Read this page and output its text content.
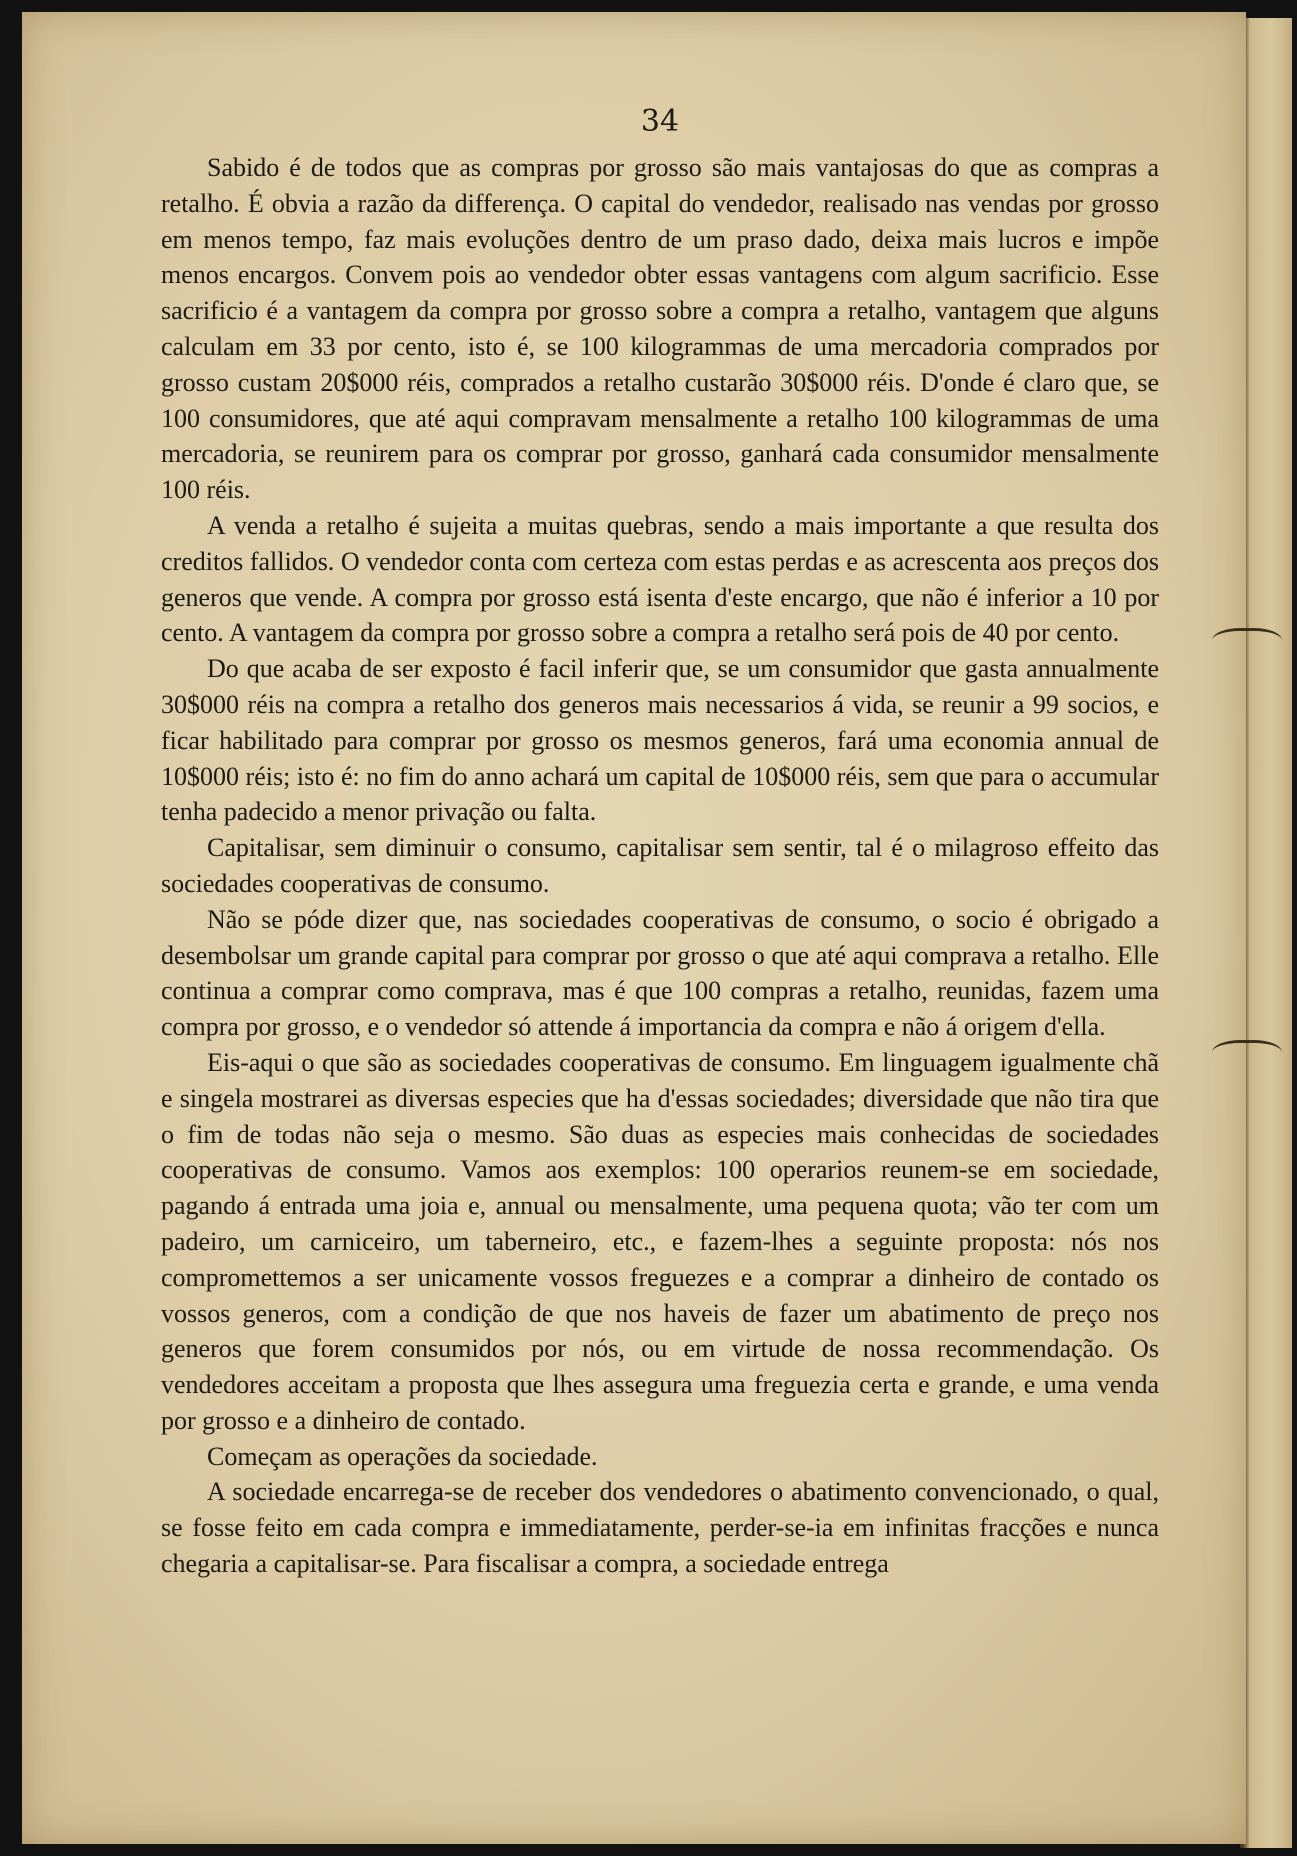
34

Sabido é de todos que as compras por grosso são mais vantajosas do que as compras a retalho. É obvia a razão da differença. O capital do vendedor, realisado nas vendas por grosso em menos tempo, faz mais evoluções dentro de um praso dado, deixa mais lucros e impõe menos encargos. Convem pois ao vendedor obter essas vantagens com algum sacrificio. Esse sacrificio é a vantagem da compra por grosso sobre a compra a retalho, vantagem que alguns calculam em 33 por cento, isto é, se 100 kilogrammas de uma mercadoria comprados por grosso custam 20$000 réis, comprados a retalho custarão 30$000 réis. D'onde é claro que, se 100 consumidores, que até aqui compravam mensalmente a retalho 100 kilogrammas de uma mercadoria, se reunirem para os comprar por grosso, ganhará cada consumidor mensalmente 100 réis.

A venda a retalho é sujeita a muitas quebras, sendo a mais importante a que resulta dos creditos fallidos. O vendedor conta com certeza com estas perdas e as acrescenta aos preços dos generos que vende. A compra por grosso está isenta d'este encargo, que não é inferior a 10 por cento. A vantagem da compra por grosso sobre a compra a retalho será pois de 40 por cento.

Do que acaba de ser exposto é facil inferir que, se um consumidor que gasta annualmente 30$000 réis na compra a retalho dos generos mais necessarios á vida, se reunir a 99 socios, e ficar habilitado para comprar por grosso os mesmos generos, fará uma economia annual de 10$000 réis; isto é: no fim do anno achará um capital de 10$000 réis, sem que para o accumular tenha padecido a menor privação ou falta.

Capitalisar, sem diminuir o consumo, capitalisar sem sentir, tal é o milagroso effeito das sociedades cooperativas de consumo.

Não se póde dizer que, nas sociedades cooperativas de consumo, o socio é obrigado a desembolsar um grande capital para comprar por grosso o que até aqui comprava a retalho. Elle continua a comprar como comprava, mas é que 100 compras a retalho, reunidas, fazem uma compra por grosso, e o vendedor só attende á importancia da compra e não á origem d'ella.

Eis-aqui o que são as sociedades cooperativas de consumo. Em linguagem igualmente chã e singela mostrarei as diversas especies que ha d'essas sociedades; diversidade que não tira que o fim de todas não seja o mesmo. São duas as especies mais conhecidas de sociedades cooperativas de consumo. Vamos aos exemplos: 100 operarios reunem-se em sociedade, pagando á entrada uma joia e, annual ou mensalmente, uma pequena quota; vão ter com um padeiro, um carniceiro, um taberneiro, etc., e fazem-lhes a seguinte proposta: nós nos compromettemos a ser unicamente vossos freguezes e a comprar a dinheiro de contado os vossos generos, com a condição de que nos haveis de fazer um abatimento de preço nos generos que forem consumidos por nós, ou em virtude de nossa recommendação. Os vendedores acceitam a proposta que lhes assegura uma freguezia certa e grande, e uma venda por grosso e a dinheiro de contado.

Começam as operações da sociedade.

A sociedade encarrega-se de receber dos vendedores o abatimento convencionado, o qual, se fosse feito em cada compra e immediatamente, perder-se-ia em infinitas fracções e nunca chegaria a capitalisar-se. Para fiscalisar a compra, a sociedade entrega
